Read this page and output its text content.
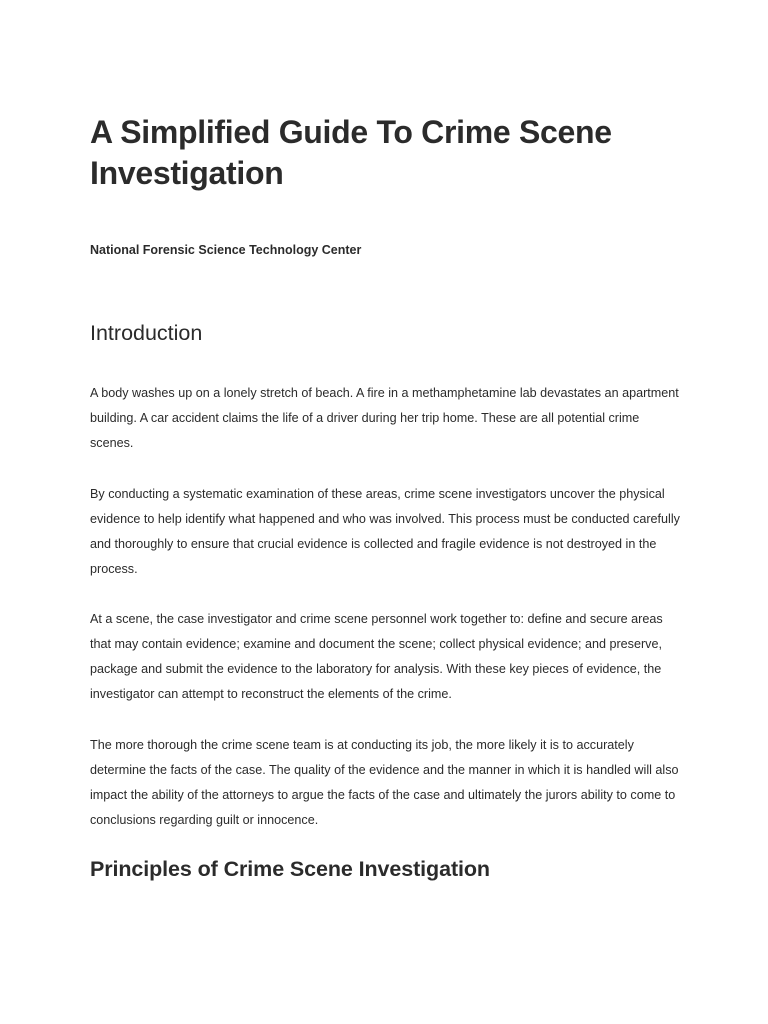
A Simplified Guide To Crime Scene Investigation

National Forensic Science Technology Center

Introduction

A body washes up on a lonely stretch of beach. A fire in a methamphetamine lab devastates an apartment building. A car accident claims the life of a driver during her trip home. These are all potential crime scenes.

By conducting a systematic examination of these areas, crime scene investigators uncover the physical evidence to help identify what happened and who was involved. This process must be conducted carefully and thoroughly to ensure that crucial evidence is collected and fragile evidence is not destroyed in the process.

At a scene, the case investigator and crime scene personnel work together to: define and secure areas that may contain evidence; examine and document the scene; collect physical evidence; and preserve, package and submit the evidence to the laboratory for analysis. With these key pieces of evidence, the investigator can attempt to reconstruct the elements of the crime.

The more thorough the crime scene team is at conducting its job, the more likely it is to accurately determine the facts of the case. The quality of the evidence and the manner in which it is handled will also impact the ability of the attorneys to argue the facts of the case and ultimately the jurors ability to come to conclusions regarding guilt or innocence.

Principles of Crime Scene Investigation
